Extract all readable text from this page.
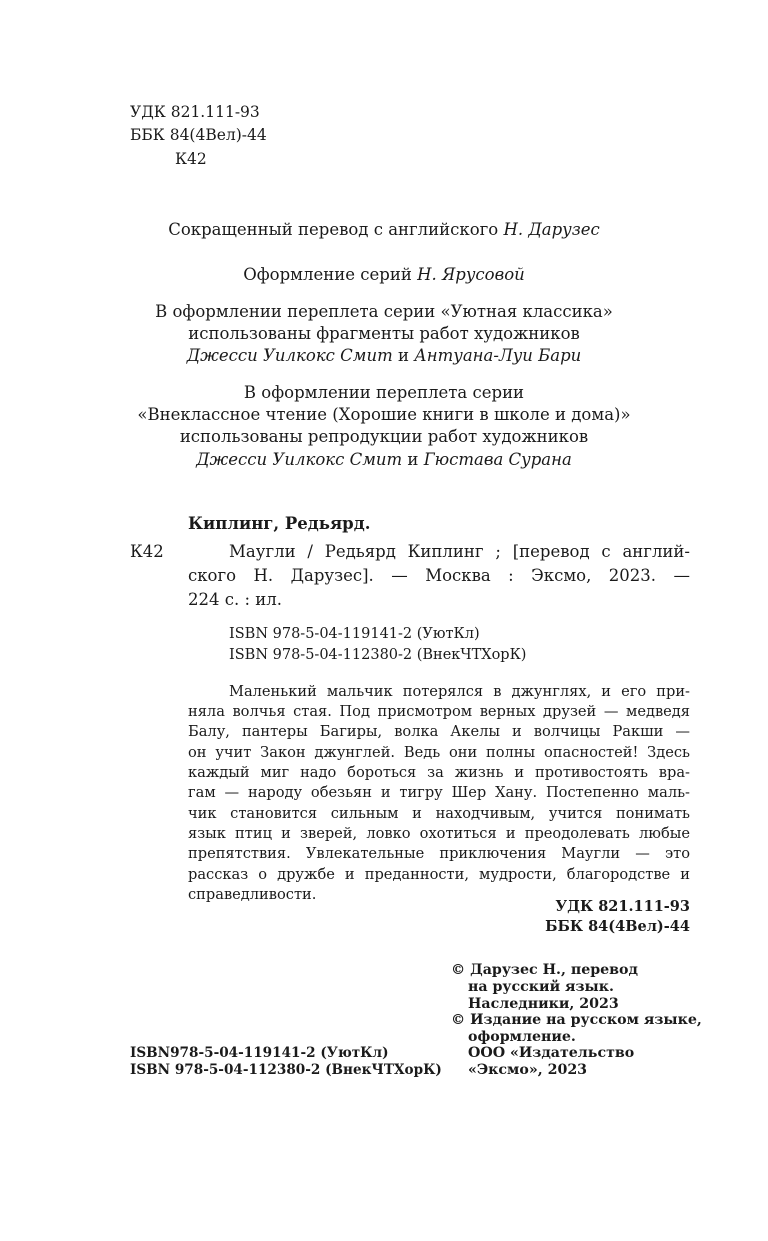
УДК 821.111-93
ББК 84(4Вел)-44
К42
Сокращенный перевод с английского Н. Дарузес
Оформление серий Н. Ярусовой
В оформлении переплета серии «Уютная классика»
использованы фрагменты работ художников
Джесси Уилкокс Смит и Антуана-Луи Бари
В оформлении переплета серии
«Внеклассное чтение (Хорошие книги в школе и дома)»
использованы репродукции работ художников
Джесси Уилкокс Смит и Гюстава Сурана
Киплинг, Редьярд.
К42	Маугли / Редьярд Киплинг ; [перевод с англий-
ского Н. Дарузес]. — Москва : Эксмо, 2023. —
224 с. : ил.
ISBN 978-5-04-119141-2 (УютКл)
ISBN 978-5-04-112380-2 (ВнекЧТХорК)
Маленький мальчик потерялся в джунглях, и его при-
няла волчья стая. Под присмотром верных друзей — медведя
Балу, пантеры Багиры, волка Акелы и волчицы Ракши —
он учит Закон джунглей. Ведь они полны опасностей! Здесь
каждый миг надо бороться за жизнь и противостоять вра-
гам — народу обезьян и тигру Шер Хану. Постепенно маль-
чик становится сильным и находчивым, учится понимать
язык птиц и зверей, ловко охотиться и преодолевать любые
препятствия. Увлекательные приключения Маугли — это
рассказ о дружбе и преданности, мудрости, благородстве и
справедливости.
УДК 821.111-93
ББК 84(4Вел)-44
© Дарузес Н., перевод
на русский язык.
Наследники, 2023
© Издание на русском языке,
оформление.
ООО «Издательство
«Эксмо», 2023
ISBN978-5-04-119141-2 (УютКл)
ISBN 978-5-04-112380-2 (ВнекЧТХорК)
